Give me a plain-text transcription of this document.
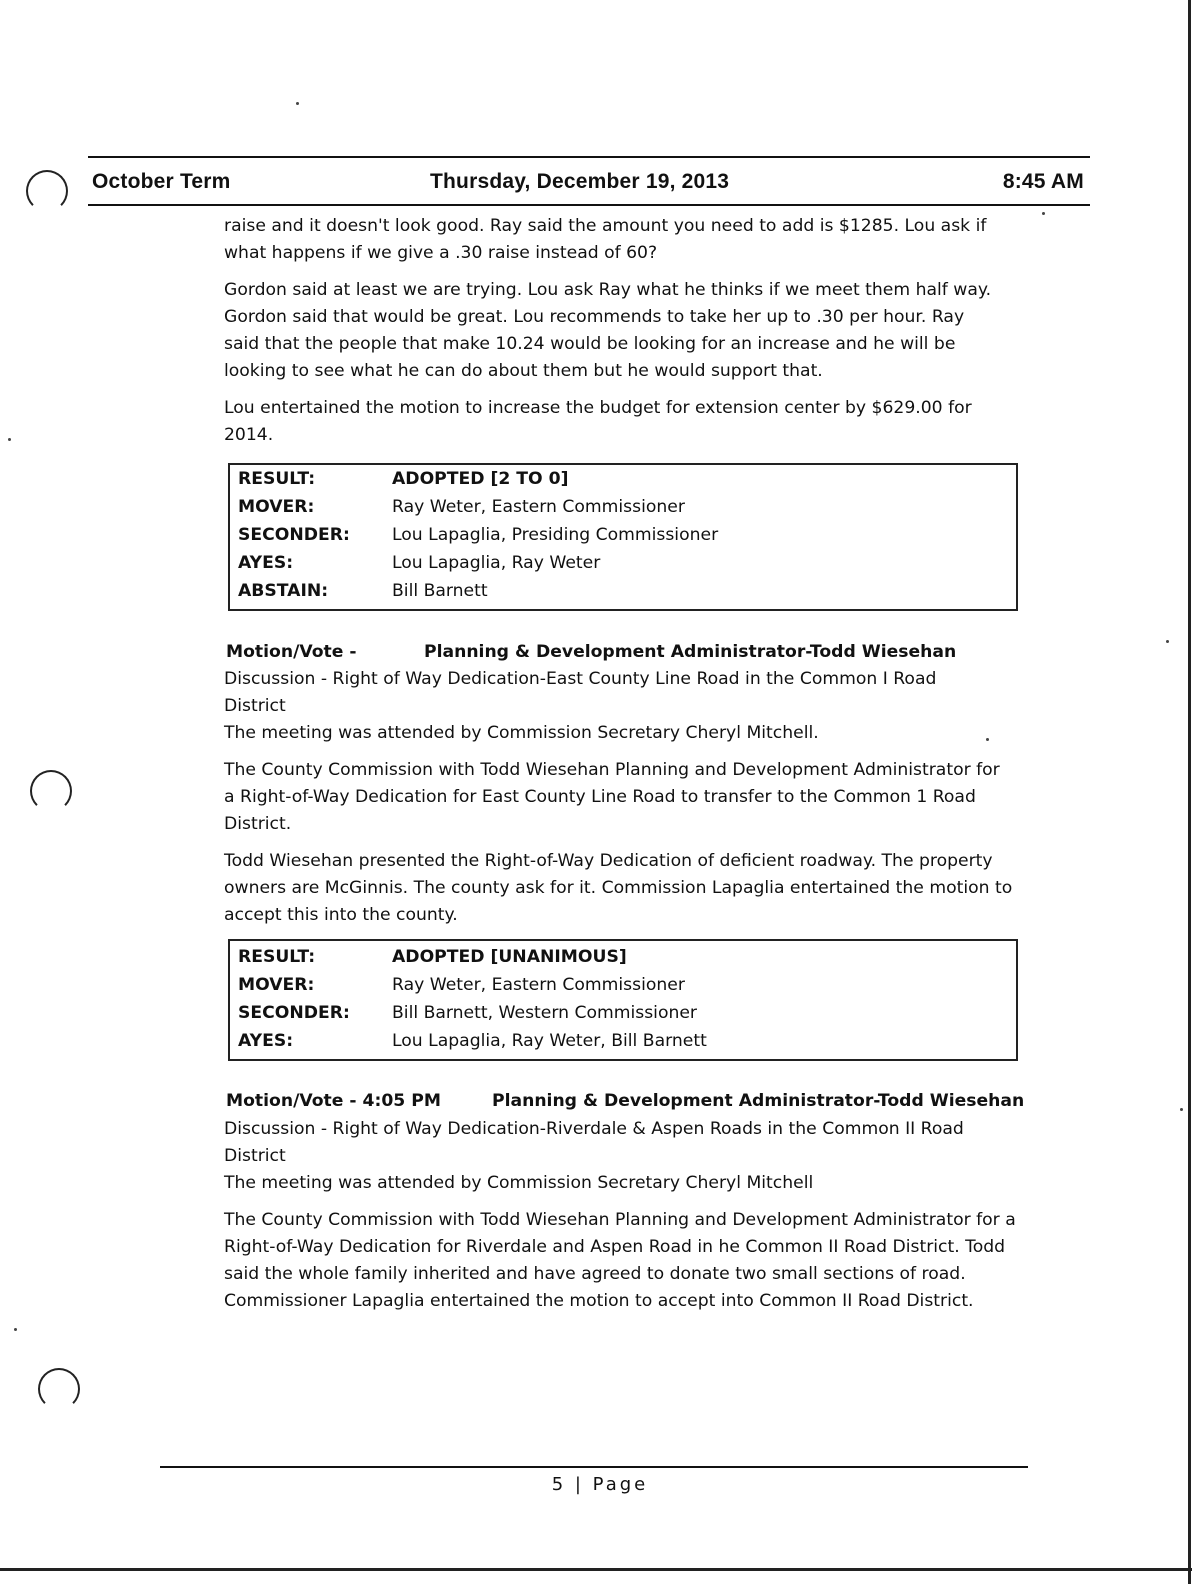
October Term	Thursday, December 19, 2013	8:45 AM

raise and it doesn't look good. Ray said the amount you need to add is $1285. Lou ask if what happens if we give a .30 raise instead of 60?

Gordon said at least we are trying. Lou ask Ray what he thinks if we meet them half way. Gordon said that would be great. Lou recommends to take her up to .30 per hour. Ray said that the people that make 10.24 would be looking for an increase and he will be looking to see what he can do about them but he would support that.

Lou entertained the motion to increase the budget for extension center by $629.00 for 2014.

RESULT:	ADOPTED [2 TO 0]
MOVER:	Ray Weter, Eastern Commissioner
SECONDER: Lou Lapaglia, Presiding Commissioner
AYES:	Lou Lapaglia, Ray Weter
ABSTAIN:	Bill Barnett
Motion/Vote -	Planning & Development Administrator-Todd Wiesehan

Discussion - Right of Way Dedication-East County Line Road in the Common I Road District

The meeting was attended by Commission Secretary Cheryl Mitchell.

The County Commission with Todd Wiesehan Planning and Development Administrator for a Right-of-Way Dedication for East County Line Road to transfer to the Common 1 Road District.

Todd Wiesehan presented the Right-of-Way Dedication of deficient roadway. The property owners are McGinnis. The county ask for it. Commission Lapaglia entertained the motion to accept this into the county.

RESULT:	ADOPTED [UNANIMOUS]
MOVER:	Ray Weter, Eastern Commissioner
SECONDER: Bill Barnett, Western Commissioner
AYES:	Lou Lapaglia, Ray Weter, Bill Barnett
Motion/Vote - 4:05 PM	Planning & Development Administrator-Todd Wiesehan

Discussion - Right of Way Dedication-Riverdale & Aspen Roads in the Common II Road District

The meeting was attended by Commission Secretary Cheryl Mitchell

The County Commission with Todd Wiesehan Planning and Development Administrator for a Right-of-Way Dedication for Riverdale and Aspen Road in he Common II Road District. Todd said the whole family inherited and have agreed to donate two small sections of road. Commissioner Lapaglia entertained the motion to accept into Common II Road District.

5 | Page
